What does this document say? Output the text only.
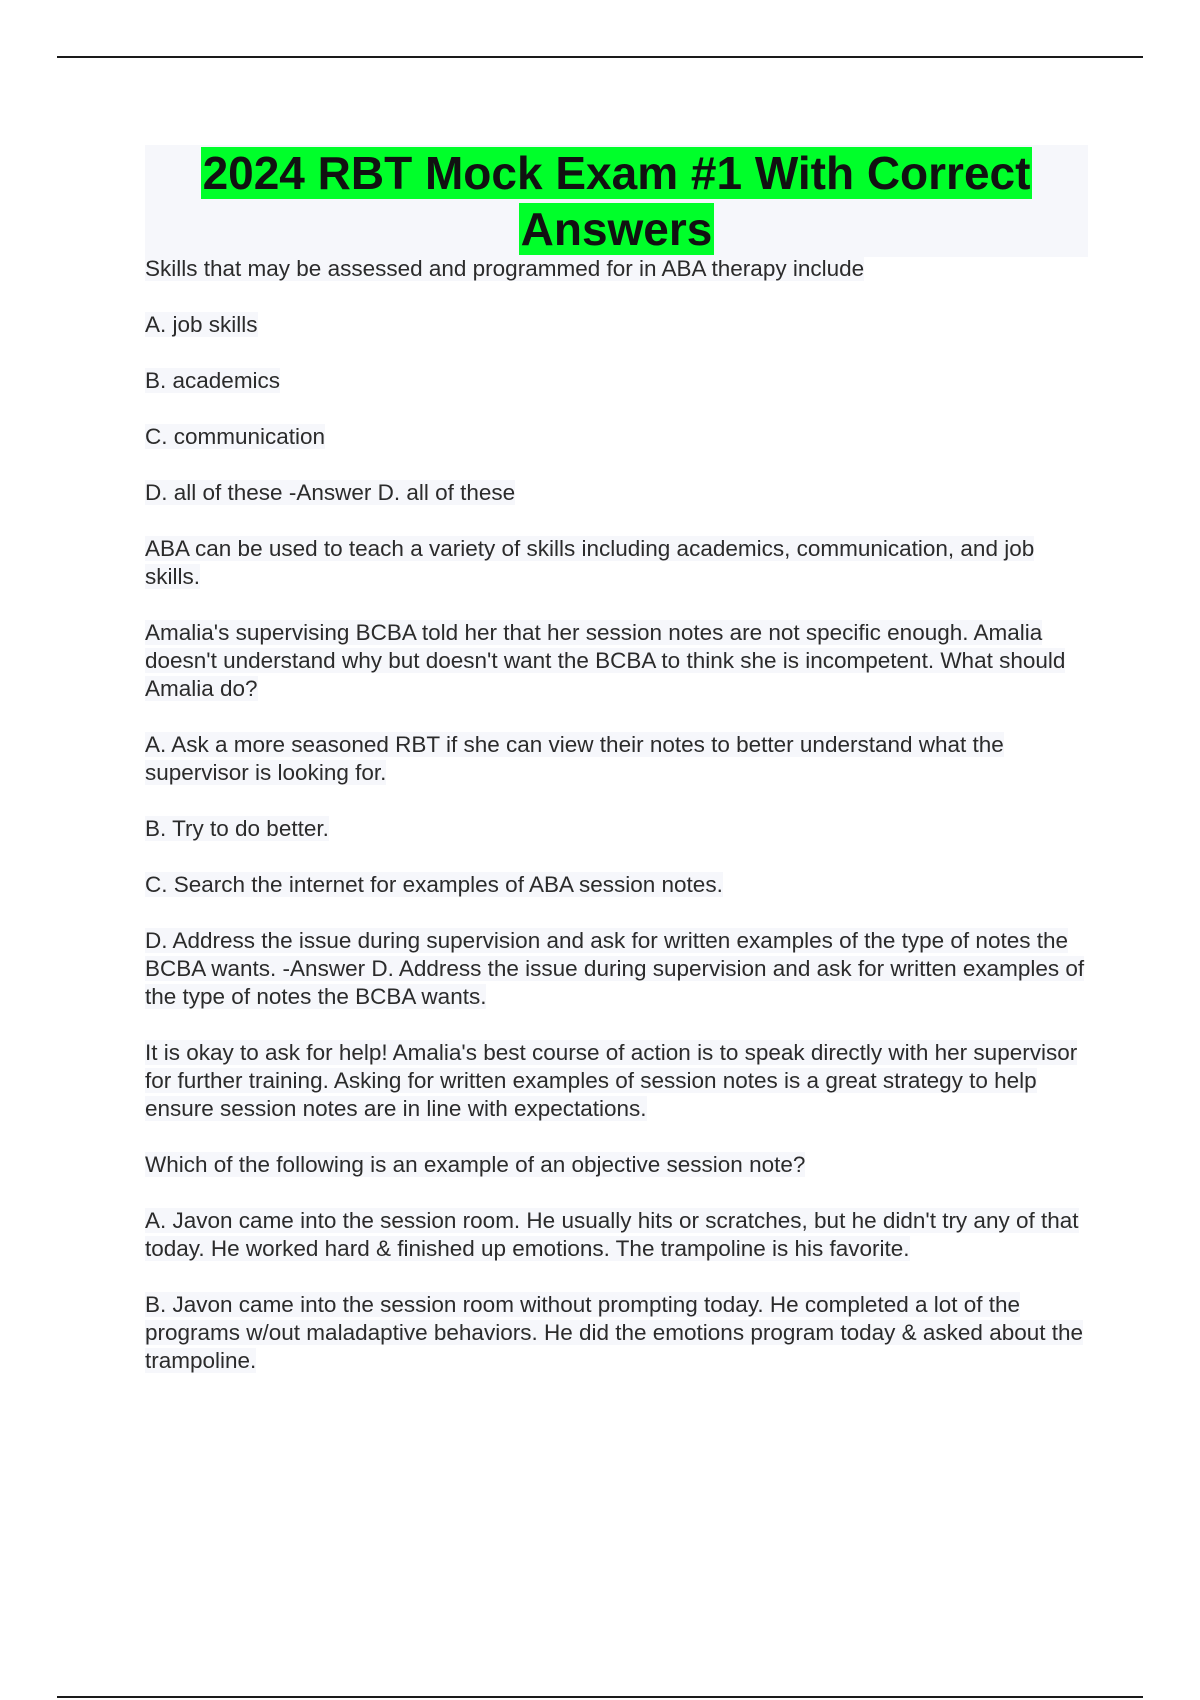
2024 RBT Mock Exam #1 With Correct
Answers

Skills that may be assessed and programmed for in ABA therapy include

A. job skills

B. academics

C. communication

D. all of these -Answer D. all of these

ABA can be used to teach a variety of skills including academics, communication, and job skills.

Amalia's supervising BCBA told her that her session notes are not specific enough. Amalia doesn't understand why but doesn't want the BCBA to think she is incompetent. What should Amalia do?

A. Ask a more seasoned RBT if she can view their notes to better understand what the supervisor is looking for.

B. Try to do better.

C. Search the internet for examples of ABA session notes.

D. Address the issue during supervision and ask for written examples of the type of notes the BCBA wants. -Answer D. Address the issue during supervision and ask for written examples of the type of notes the BCBA wants.

It is okay to ask for help! Amalia's best course of action is to speak directly with her supervisor for further training. Asking for written examples of session notes is a great strategy to help ensure session notes are in line with expectations.

Which of the following is an example of an objective session note?

A. Javon came into the session room. He usually hits or scratches, but he didn't try any of that today. He worked hard & finished up emotions. The trampoline is his favorite.

B. Javon came into the session room without prompting today. He completed a lot of the programs w/out maladaptive behaviors. He did the emotions program today & asked about the trampoline.
